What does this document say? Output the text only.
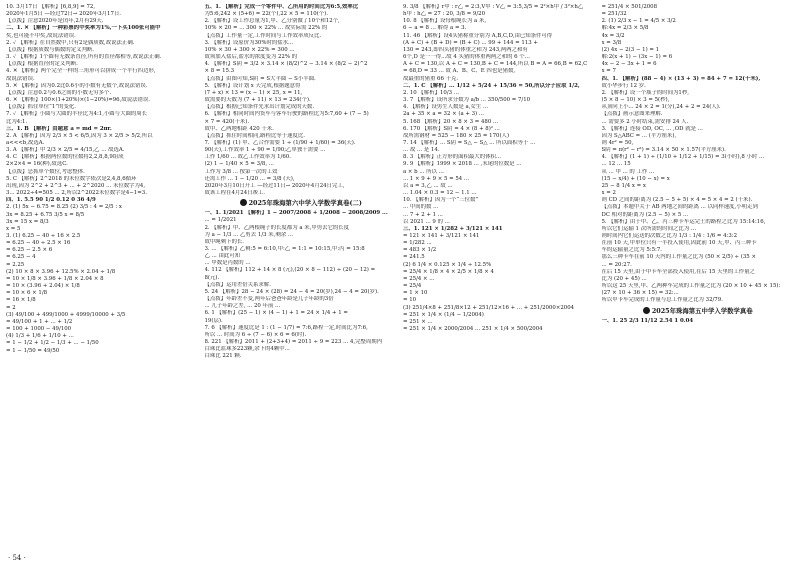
10. 3月17日 【解析】[6,8,9] = 72,
2020年1月5日 —经过72日→ 2020年3月17日.
【点拨】注意2020年是闰年,2月有29天.
二、1. ✕ 【解析】一种彩票的中奖率为1%,一下买100张可能中
奖,也可能不中奖,故说法错误.
2. ✓ 【解析】在自然数中,只有2是偶质数,故说法正确.
【点拨】根据质数与偶数的定义判断.
3. ✓ 【解析】1个圆有无数条直径,所有的直径都相等,故说法正确.
【点拨】根据直径的定义判断.
4. ✕ 【解析】两个完全一样的三角形可以拼成一个平行四边形,
故说法错误.
5. ✕ 【解析】因为0.2比0.6小的小数有无数个,故说法错误.
【点拨】注意0.2与0.6之间的小数无穷多个.
6. ✕ 【解析】100×(1+20%)×(1−20%)=96,故说法错误.
【点拨】抓住单位“1”的变化.
7. ✓ 【解析】小圆与大圆的半径比为4:1,小圆与大圆的周长
比为4:1.
三、1. B 【解析】由题意 a = md = 2πr.
2. A 【解析】因为 2/3 × 5 < 6/5,因为 3 × 2/5 > 5/2,所以
a<<<b,故选A.
3. A 【解析】甲 2/3 × 2/5 = 4/15,乙 ... 故选A.
4. C 【解析】根据两位数的位数将2,2,8,8,9组成
2×2×4 = 16(种),故选C.
【点拨】忌抓单个数位,考虑整体.
5. C 【解析】2^2018 的末位数字依次是2,4,8,6循环
出现,因为 2^2 + 2^3 + ... + 2^2020 ... 末位数字为4,
3... 2022÷4=505 ... 2,所以2^2022末位数字是4−1=3.
四、1. 5.5 90 1/2 0.12 0 36 4/9
2. (1) 5x − 6.75 = 8.25 (2) 3/5 : 4 = 2/5 : x
3x = 8.25 + 6.75 3/5 x = 8/5
3x = 15 x = 8/3
x = 5
3. (1) 6.25 − 40 ÷ 16 × 2.5
= 6.25 − 40 ÷ 2.5 × 16
= 6.25 − 2.5 × 6
= 6.25 − 4
= 2.25
(2) 10 × 8 × 3.96 + 12.5% × 2.04 ÷ 1/8
= 10 × 1/8 × 3.96 + 1/8 × 2.04 × 8
= 10 × (3.96 + 2.04) × 1/8
= 10 × 6 × 1/8
= 16 × 1/8
= 2
(3) 49/100 + 499/1000 + 4999/10000 + 3/5
= 49/100 + 1 + ... + 1/2
= 100 + 1000 − 49/100
(4) 1/3 + 1/6 + 1/10 + ...
= 1 − 1/2 + 1/2 − 1/3 + ... − 1/50
= 1 − 1/50 = 49/50
五、1. 【解析】完成一个零件甲、乙所用的时间比为6:5,效率比
为5:6,242 × (5+6) = 22(个),22 × 5 = 110(个).
2. 【解析】设工作总量为1,甲、乙分别做了10个和12个,
10% × 20 = ... 300 × 22% ... 故实际需 22% 的
【点拨】工作量一定,工作时间与工作效率成反比.
3. 【解析】设原价为30%时的盐水...
10% × 30 + 300 × 22% = 300 ...
故须加入盐后,盐水的浓度变为 22% 的
4. 【解析】S阴 = 3/2 × 3.14 × (8/2)^2 − 3.14 × (8/2 − 2)^2
× 8 = 15.3
【点拨】由图可知,S阴 = S大半圆 − S小半圆.
5. 【解析】设计划 x 天完成,根据题意得
(7 + x) × 13 = (x − 1) × 25, x = 11,
故需要的天数为 (7 + 11) × 13 = 234(个).
【点拨】根据已知条件先求出计划完成的天数.
6. 【解析】相同时间内货车与客车行驶的路程比为5:7,60 + (7 − 5)
× 7 = 420(千米).
故甲、乙两地相距 420 千米.
【点拨】抓住时间相同,路程比等于速度比.
7. 【解析】(1) 甲、乙合作需要 1 ÷ (1/90 + 1/60) = 36(天).
90(天),工作效率 1 ÷ 90 = 1/90;乙单独干需要 ...
工作 1/60 ... 故乙工作效率为 1/60.
(2) 1 − 1/40 × 5 = 3/8, ...
工作为 3/8 ... 按第一次的工效
还需工作 ... 1 − 1/20 ... = 3/8 (天),
2020年3月10日开工 —经过11日→ 2020年4月24日完工,
故该工程在4月24日竣工.
2025年珠海第六中学入学数学真卷(二)
一、1. 1/2021 【解析】1 − 2007/2008 + 1/2008 − 2008/2009 ...
... = 1/2021
2. 【解析】甲、乙两根绳子的长度都为 a 米,甲剪去它的长度
为 a − 1/3 ... 乙剪去 1/3 米,剩余 ...
故甲绳剩下的长.
3. ... 【解析】乙剩:5 = 6:10,甲:乙 = 1:1 = 10:15,甲:丙 = 15:8
乙 ... 由此可知
... 甲数是丙数的 ...
4. 112 【解析】112 + 14 × 8 (元),(20 × 8 − 112) ÷ (20 − 12) =
8(元).
【点拨】运用差倍关系求解.
5. 24 【解析】28 − 24 × (28) = 24 − 4 = 20(岁),24 − 4 = 20(岁).
【点拨】年龄差不变,两年后爸爸年龄是儿子年龄的3倍
... 儿子年龄之差, ... 20 年前 ...
6. 1 【解析】(25 − 1) × (4 − 1) + 1 = 24 × 1/4 + 1 =
19(层).
7. 6 【解析】速度比是 1 : (1 − 1/7) = 7:6,路程一定,时间比为7:6,
所以 ... 时间为 6 ÷ (7 − 6) × 6 = 6(时).
8. 221 【解析】2011 + (2+3+4) = 2011 ÷ 9 = 223 ... 4,完整周期内
白珠比蓝珠多223颗,余下的4颗中...
白珠比 221 颗.
9. 3/8 【解析】r甲 : r乙 = 2:3,V甲 : V乙 = 3:5,3/5 = 2²×h甲 / 3²×h乙
h甲 : h乙 = 27 : 20, 3/8 = 9/20
10. 8 【解析】设每根绳长为 a 米,
6 − a = 8 ... 解得 a = 3.
11. 46 【解析】设4头猪称重分别为 A,B,C,D,由已知条件可得
(A + C) + (B + D) = (B + C) ... 99 + 144 = 113 +
130 = 243,即四头猪的体重之和为 243,两两之和有
6个,D 是一一得...故 4 头猪的体重两两之和的 6 个...
A + C = 130,以 A + C = 130,B + C = 144,所以 B = A = 66,B = 62,C
= 68,D = 33 ... 故 A、B、C、E 四也是猪数,
故最重的猪重 66 千克.
二、1. C 【解析】... 1/12 + 5/24 + 15/36 = 50,所以分子应取 1/2,
2. 10 【解析】10/3 ...
3. 7 【解析】设所求分数为 a/b ... 350/500 = 7/10
4. 【解析】设男生人数是 a,女生 ...
2a + 35 × a = 32 × (a + 3) ...
5. 168 【解析】20 × 8 × 3 = 480 ...
6. 170 【解析】S阴 = 4 × (8 + 8)² ...
故所需钢材 = 525 − 180 × 25 = 170(人)
7. 14 【解析】... S阴 = S△ − S△ ... 所以面积等于 ...
... 故 ... 是 14.
8. 3 【解析】正方形的面积最大的体积...
9. 9 【解析】1999 × 2018 ... ,末尾的位数是 ...
a × b ... 所以 ...
... 1 × 9 + 9 × 5 = 54 ...
以 a = 3,乙 ... 故 ...
... 1.04 × 0.3 = 12 − 1.1 ...
10. 【解析】因为一个“三位数”
... 中间的数 ...
... 7 + 2 + 1 ...
以 2021 ... 9 的 ...
三、1. 121 × 1/282 + 3/121 × 141
= 121 × 141 + 3/121 × 141
= 1/282 ...
= 483 × 1/2
= 241.5
(2) 6 1/4 × 0.125 × 1/4 ÷ 12.5%
= 25/4 × 1/8 × 4 × 2/5 × 1/8 × 4
= 25/4 × ...
= 25/4
= 1 × 10
= 10
(3) 251/4×8 + 251/8×12 + 251/12×16 + ... + 251/2000×2004
= 251 × 1/4 × (1/4 − 1/2004)
= 251 × ...
= 251 × 1/4 × 2000/2004 ... 251 × 1/4 × 500/2004
= 251/4 × 501/2008
= 251/32
2. (1) 2/3 x − 1 = 4/5 × 3/2
解:4x = 2/3 × 5/8
4x = 3/2
x = 3/8
(2) 4x − 2(3 − 1) = 1
解:2(x + 1) − (3x − 1) = 6
4x − 2 − 3x + 1 = 6
x = 7
四、1. 【解析】(88 − 4) × (13 + 3) = 84 + 7 = 12(千米),
故小华步行 12 岁.
2. 【解析】设一个瓶子的时间为1秒,
(5 × 8 − 10) × 3 = 5(秒),
从顶向上小... 24 × 2 = 1(分),24 + 2 = 24(人).
【点拨】画示意图来理解.
... 需要多 2 小时结束,需安排 24 人.
3. 【解析】连接 OD, OC, ... ,OD 就是 ...
因为 S△ABC = ... (平方厘米),
则 4r² = 50,
S阴 = π(r² − r²) = 3.14 × 50 × 1.57(平方厘米).
4. 【解析】(1 + 1) ÷ (1/10 + 1/12 + 1/15) = 3(小时),8 小时 ...
... 12 ... 15
从 ... 甲 ... 的 工作 ...
(15 − x/4) + (10 − x) = x
25 − 8 1/4 x = x
x = 2
则 CD 之间的距离为 (2.5 − 5 + 5) × 4 = 5 × 4 = 2 (千米).
【点拨】本题中关于 AB 两地之间的距离 ... 以同样速度,小明走到
DC 相对的距离为 (2.5 − 5) × 5 ...
5. 【解析】由于甲、乙、丙三种卡车运完土的路程之比为 15:14:16,
所以它们运输 1 次所需的时间之比为 ...
则时间内它们运送的次数之比为 1/3 : 1/4 : 1/6 = 4:3:2
在前 10 天,甲单位只有一半投入使用,因此前 10 天,甲、丙三种卡
车的运输量之比为 5:5:7.
那么三种卡车在前 10 天内的工作量之比为 (50 × 2/5) ÷ (35 ×
... = 20:27.
在后 15 天里,由于甲卡车全部投入使用,在后 15 天里的工作量之
比为 (20 + 45) ...
所以这 25 天里,甲、乙两种车完成的工作量之比为 (20 × 10 + 45 × 15):
(27 × 10 + 36 × 15) = 32:...
所以甲卡车完成的工作量与总工作量之比为 32/79.
2025年珠海第五中学入学数学真卷
一、1. 25 2/3 11/12 2.54 1 0.04
· 54 ·
